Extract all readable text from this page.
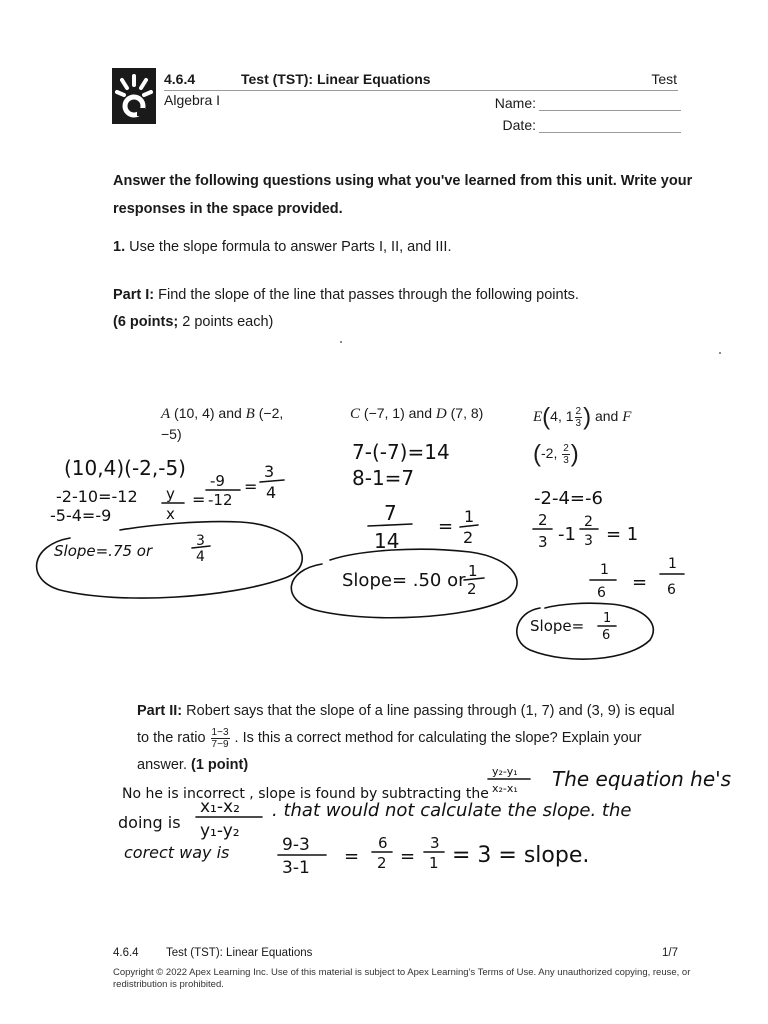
4.6.4	Test (TST): Linear Equations	Test
Algebra I	Name:
Date:
Answer the following questions using what you've learned from this unit. Write your responses in the space provided.
1. Use the slope formula to answer Parts I, II, and III.
Part I: Find the slope of the line that passes through the following points.
(6 points; 2 points each)
A (10, 4) and B (−2,
−5)
C (−7, 1) and D (7, 8)	E(4, $1 \frac{2}{3}$ ) and F
(-2, $\frac{2}{3}$ )
Part II: Robert says that the slope of a line passing through (1, 7) and (3, 9) is equal to the ratio $\frac{1-3}{7-9}$ . Is this a correct method for calculating the slope? Explain your answer. (1 point)
(10,4)(-2,-5)
-2-10=-12
-5-4=-9
y
x
=
-9
-12
=
3
4
Slope=.75 or
3
4
7-(-7)=14
8-1=7
7
14
= 1
2
Slope= .50 or 1
2
-2-4=-6
2
3 -1
2
3 = 1
1
6 =
1
6
Slope= 1
6
No he is incorrect , slope is found by subtracting the
y₂-y₁
x₂-x₁ The equation he's
doing is
x₁-x₂
y₁-y₂
. that would not calculate the slope. the
corect way is	9-3
3-1
=
6
2 =
3
1 = 3 = slope.
4.6.4 Test (TST): Linear Equations	1/7
Copyright © 2022 Apex Learning Inc. Use of this material is subject to Apex Learning's Terms of Use. Any unauthorized copying, reuse, or redistribution is prohibited.
